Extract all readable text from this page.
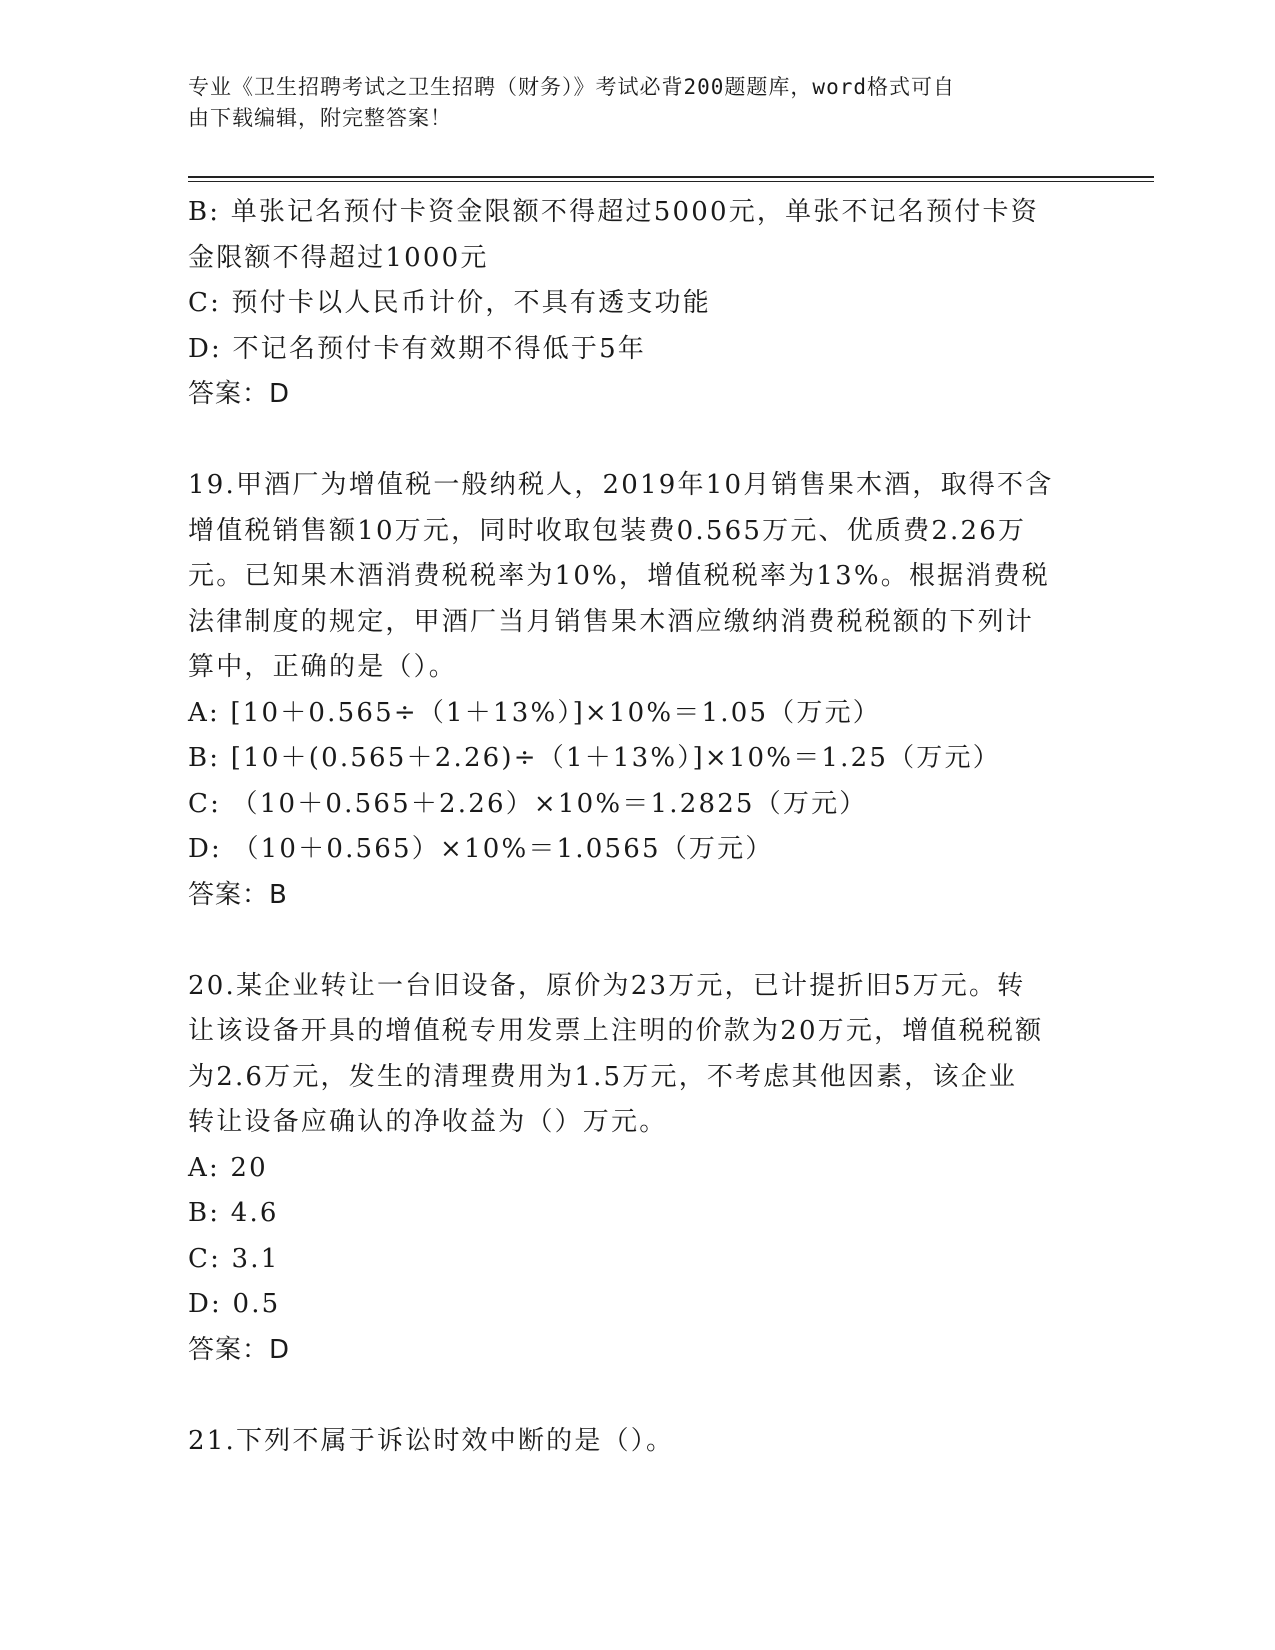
专业《卫生招聘考试之卫生招聘（财务）》考试必背200题题库，word格式可自
由下载编辑，附完整答案！
B: 单张记名预付卡资金限额不得超过5000元，单张不记名预付卡资
金限额不得超过1000元
C: 预付卡以人民币计价，不具有透支功能
D: 不记名预付卡有效期不得低于5年
答案：D
19.甲酒厂为增值税一般纳税人，2019年10月销售果木酒，取得不含
增值税销售额10万元，同时收取包装费0.565万元、优质费2.26万
元。已知果木酒消费税税率为10%，增值税税率为13%。根据消费税
法律制度的规定，甲酒厂当月销售果木酒应缴纳消费税税额的下列计
算中，正确的是（）。
A: [10＋0.565÷（1＋13%）]×10%＝1.05（万元）
B: [10＋(0.565＋2.26)÷（1＋13%）]×10%＝1.25（万元）
C: （10＋0.565＋2.26）×10%＝1.2825（万元）
D: （10＋0.565）×10%＝1.0565（万元）
答案：B
20.某企业转让一台旧设备，原价为23万元，已计提折旧5万元。转
让该设备开具的增值税专用发票上注明的价款为20万元，增值税税额
为2.6万元，发生的清理费用为1.5万元，不考虑其他因素，该企业
转让设备应确认的净收益为（）万元。
A: 20
B: 4.6
C: 3.1
D: 0.5
答案：D
21.下列不属于诉讼时效中断的是（）。
